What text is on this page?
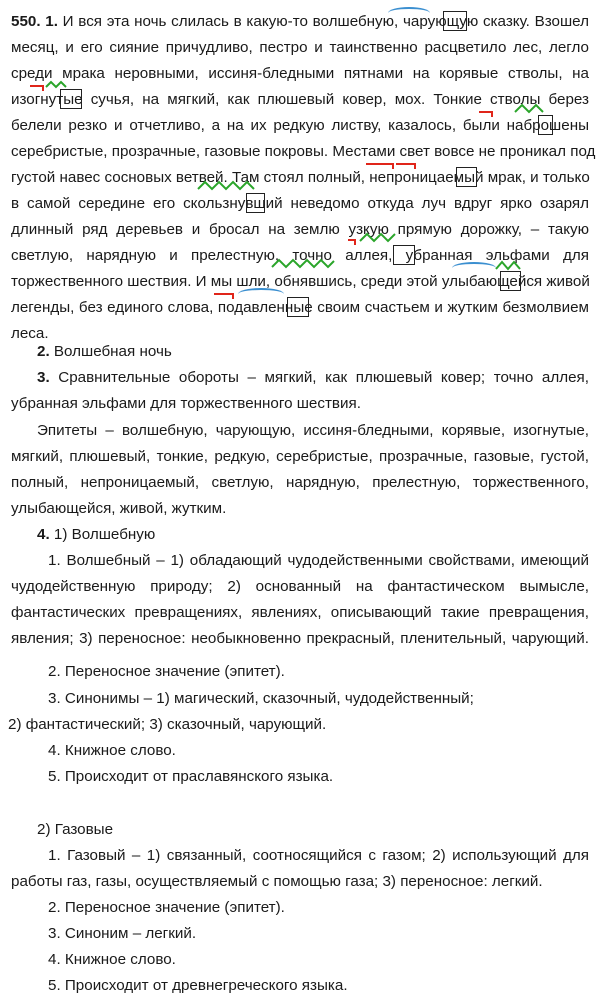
550. 1. И вся эта ночь слилась в какую-то волшебную, чарующую сказку. Взошел
месяц, и его сияние причудливо, пестро и таинственно расцветило лес, легло
среди мрака неровными, иссиня-бледными пятнами на корявые стволы, на
изогнутые сучья, на мягкий, как плюшевый ковер, мох. Тонкие стволы берез
белели резко и отчетливо, а на их редкую листву, казалось, были наброшены
серебристые, прозрачные, газовые покровы. Местами свет вовсе не проникал под
густой навес сосновых ветвей. Там стоял полный, непроницаемый мрак, и только
в самой середине его скользнувший неведомо откуда луч вдруг ярко озарял
длинный ряд деревьев и бросал на землю узкую прямую дорожку, – такую
светлую, нарядную и прелестную, точно аллея, убранная эльфами для
торжественного шествия. И мы шли, обнявшись, среди этой улыбающейся живой
легенды, без единого слова, подавленные своим счастьем и жутким безмолвием
леса.
2. Волшебная ночь
3. Сравнительные обороты – мягкий, как плюшевый ковер; точно аллея,
убранная эльфами для торжественного шествия.
Эпитеты – волшебную, чарующую, иссиня-бледными, корявые, изогнутые,
мягкий, плюшевый, тонкие, редкую, серебристые, прозрачные, газовые, густой,
полный, непроницаемый, светлую, нарядную, прелестную, торжественного,
улыбающейся, живой, жутким.
4. 1) Волшебную
1. Волшебный – 1) обладающий чудодейственными свойствами, имеющий
чудодейственную природу; 2) основанный на фантастическом вымысле,
фантастических превращениях, явлениях, описывающий такие превращения,
явления; 3) переносное: необыкновенно прекрасный, пленительный, чарующий.
2. Переносное значение (эпитет).
3. Синонимы – 1) магический, сказочный, чудодейственный;
2) фантастический; 3) сказочный, чарующий.
4. Книжное слово.
5. Происходит от праславянского языка.
2) Газовые
1. Газовый – 1) связанный, соотносящийся с газом; 2) использующий для
работы газ, газы, осуществляемый с помощью газа; 3) переносное: легкий.
2. Переносное значение (эпитет).
3. Синоним – легкий.
4. Книжное слово.
5. Происходит от древнегреческого языка.
